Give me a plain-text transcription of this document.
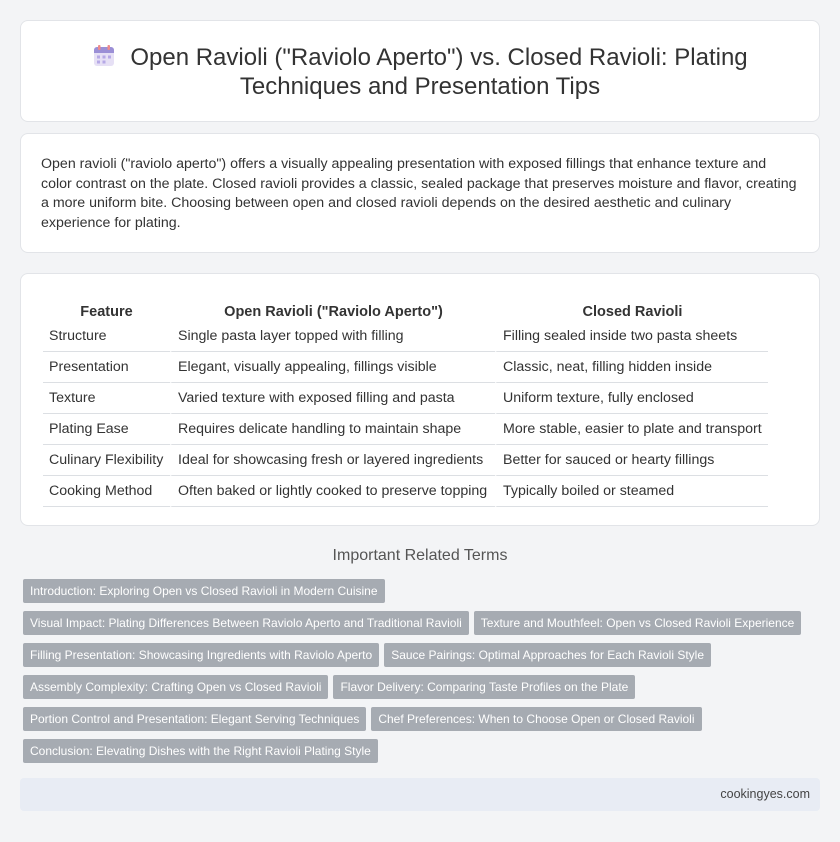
Open Ravioli ("Raviolo Aperto") vs. Closed Ravioli: Plating
Techniques and Presentation Tips

Open ravioli ("raviolo aperto") offers a visually appealing presentation with exposed fillings that enhance texture and color contrast on the plate. Closed ravioli provides a classic, sealed package that preserves moisture and flavor, creating a more uniform bite. Choosing between open and closed ravioli depends on the desired aesthetic and culinary experience for plating.

Feature	Open Ravioli ("Raviolo Aperto")	Closed Ravioli
Structure	Single pasta layer topped with filling	Filling sealed inside two pasta sheets
Presentation	Elegant, visually appealing, fillings visible	Classic, neat, filling hidden inside
Texture	Varied texture with exposed filling and pasta	Uniform texture, fully enclosed
Plating Ease	Requires delicate handling to maintain shape	More stable, easier to plate and transport
Culinary Flexibility	Ideal for showcasing fresh or layered ingredients	Better for sauced or hearty fillings
Cooking Method	Often baked or lightly cooked to preserve topping	Typically boiled or steamed
Important Related Terms
Introduction: Exploring Open vs Closed Ravioli in Modern Cuisine
Visual Impact: Plating Differences Between Raviolo Aperto and Traditional Ravioli Texture and Mouthfeel: Open vs Closed Ravioli Experience
Filling Presentation: Showcasing Ingredients with Raviolo Aperto Sauce Pairings: Optimal Approaches for Each Ravioli Style
Assembly Complexity: Crafting Open vs Closed Ravioli Flavor Delivery: Comparing Taste Profiles on the Plate
Portion Control and Presentation: Elegant Serving Techniques Chef Preferences: When to Choose Open or Closed Ravioli
Conclusion: Elevating Dishes with the Right Ravioli Plating Style
cookingyes.com
